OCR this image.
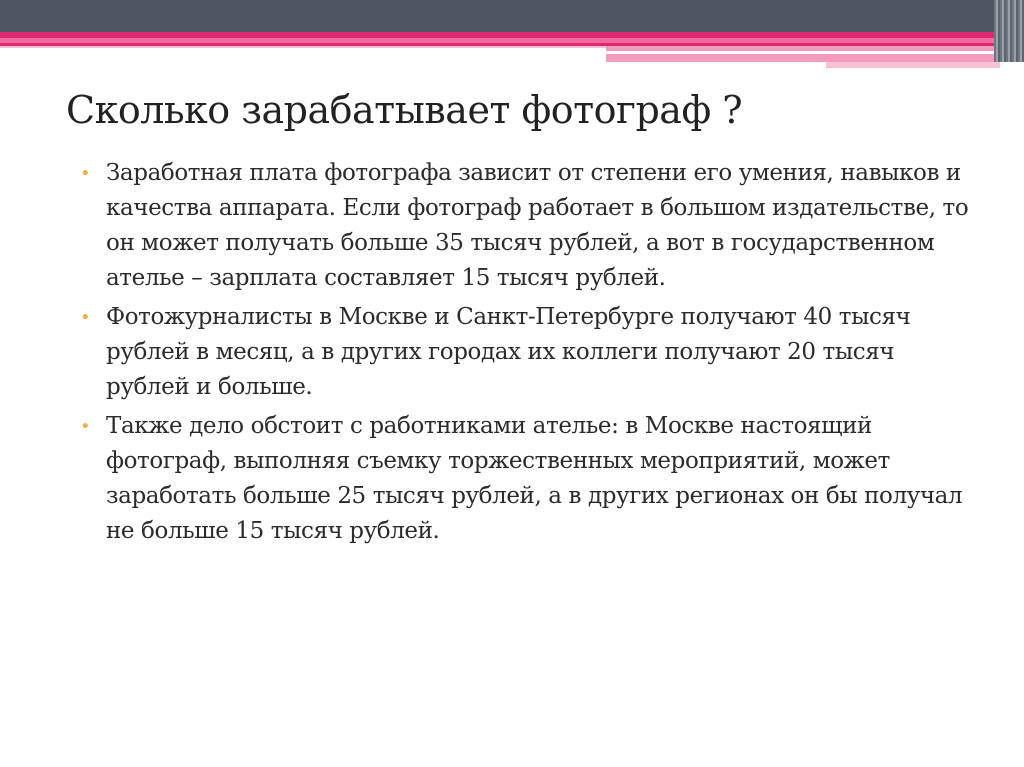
Сколько зарабатывает фотограф ?
• Заработная плата фотографа зависит от степени его умения, навыков и качества аппарата. Если фотограф работает в большом издательстве, то он может получать больше 35 тысяч рублей, а вот в государственном ателье – зарплата составляет 15 тысяч рублей.
• Фотожурналисты в Москве и Санкт-Петербурге получают 40 тысяч рублей в месяц, а в других городах их коллеги получают 20 тысяч рублей и больше.
• Также дело обстоит с работниками ателье: в Москве настоящий фотограф, выполняя съемку торжественных мероприятий, может заработать больше 25 тысяч рублей, а в других регионах он бы получал не больше 15 тысяч рублей.
